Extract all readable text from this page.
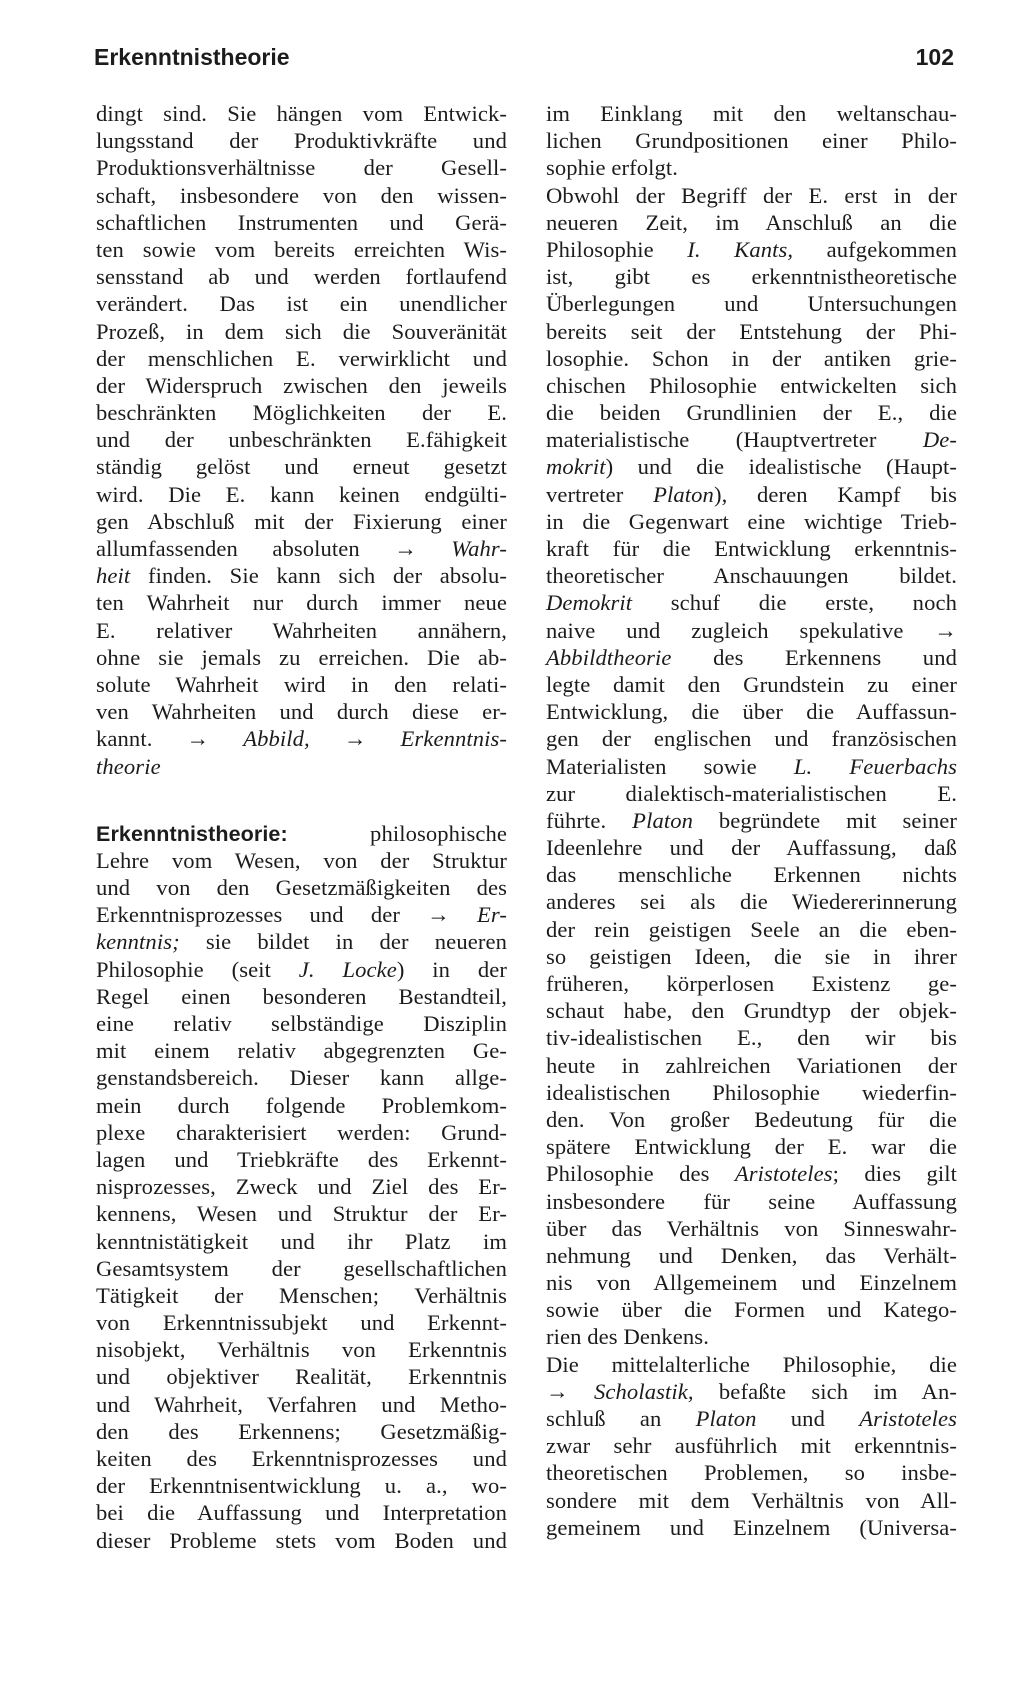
Erkenntnistheorie	102
dingt sind. Sie hängen vom Entwick-
lungsstand der Produktivkräfte und
Produktionsverhältnisse der Gesell-
schaft, insbesondere von den wissen-
schaftlichen Instrumenten und Gerä-
ten sowie vom bereits erreichten Wis-
sensstand ab und werden fortlaufend
verändert. Das ist ein unendlicher
Prozeß, in dem sich die Souveränität
der menschlichen E. verwirklicht und
der Widerspruch zwischen den jeweils
beschränkten Möglichkeiten der E.
und der unbeschränkten E.fähigkeit
ständig gelöst und erneut gesetzt
wird. Die E. kann keinen endgülti-
gen Abschluß mit der Fixierung einer
allumfassenden absoluten → Wahr-
heit finden. Sie kann sich der absolu-
ten Wahrheit nur durch immer neue
E. relativer Wahrheiten annähern,
ohne sie jemals zu erreichen. Die ab-
solute Wahrheit wird in den relati-
ven Wahrheiten und durch diese er-
kannt. → Abbild, → Erkenntnis-
theorie
Erkenntnistheorie:	philosophische
Lehre vom Wesen, von der Struktur
und von den Gesetzmäßigkeiten des
Erkenntnisprozesses und der → Er-
kenntnis; sie bildet in der neueren
Philosophie (seit J. Locke) in der
Regel einen besonderen Bestandteil,
eine relativ selbständige Disziplin
mit einem relativ abgegrenzten Ge-
genstandsbereich. Dieser kann allge-
mein durch folgende Problemkom-
plexe charakterisiert werden: Grund-
lagen und Triebkräfte des Erkennt-
nisprozesses, Zweck und Ziel des Er-
kennens, Wesen und Struktur der Er-
kenntnistätigkeit und ihr Platz im
Gesamtsystem der gesellschaftlichen
Tätigkeit der Menschen; Verhältnis
von Erkenntnissubjekt und Erkennt-
nisobjekt, Verhältnis von Erkenntnis
und objektiver Realität, Erkenntnis
und Wahrheit, Verfahren und Metho-
den des Erkennens; Gesetzmäßig-
keiten des Erkenntnisprozesses und
der Erkenntnisentwicklung u. a., wo-
bei die Auffassung und Interpretation
dieser Probleme stets vom Boden und
im Einklang mit den weltanschau-
lichen Grundpositionen einer Philo-
sophie erfolgt.
Obwohl der Begriff der E. erst in der
neueren Zeit, im Anschluß an die
Philosophie I. Kants, aufgekommen
ist, gibt es erkenntnistheoretische
Überlegungen und Untersuchungen
bereits seit der Entstehung der Phi-
losophie. Schon in der antiken grie-
chischen Philosophie entwickelten sich
die beiden Grundlinien der E., die
materialistische (Hauptvertreter De-
mokrit) und die idealistische (Haupt-
vertreter Platon), deren Kampf bis
in die Gegenwart eine wichtige Trieb-
kraft für die Entwicklung erkenntnis-
theoretischer Anschauungen bildet.
Demokrit schuf die erste, noch
naive und zugleich spekulative →
Abbildtheorie des Erkennens und
legte damit den Grundstein zu einer
Entwicklung, die über die Auffassun-
gen der englischen und französischen
Materialisten sowie L. Feuerbachs
zur dialektisch-materialistischen E.
führte. Platon begründete mit seiner
Ideenlehre und der Auffassung, daß
das menschliche Erkennen nichts
anderes sei als die Wiedererinnerung
der rein geistigen Seele an die eben-
so geistigen Ideen, die sie in ihrer
früheren, körperlosen Existenz ge-
schaut habe, den Grundtyp der objek-
tiv-idealistischen E., den wir bis
heute in zahlreichen Variationen der
idealistischen Philosophie wiederfin-
den. Von großer Bedeutung für die
spätere Entwicklung der E. war die
Philosophie des Aristoteles; dies gilt
insbesondere für seine Auffassung
über das Verhältnis von Sinneswahr-
nehmung und Denken, das Verhält-
nis von Allgemeinem und Einzelnem
sowie über die Formen und Katego-
rien des Denkens.
Die mittelalterliche Philosophie, die
→ Scholastik, befaßte sich im An-
schluß an Platon und Aristoteles
zwar sehr ausführlich mit erkenntnis-
theoretischen Problemen, so insbe-
sondere mit dem Verhältnis von All-
gemeinem und Einzelnem (Universa-
